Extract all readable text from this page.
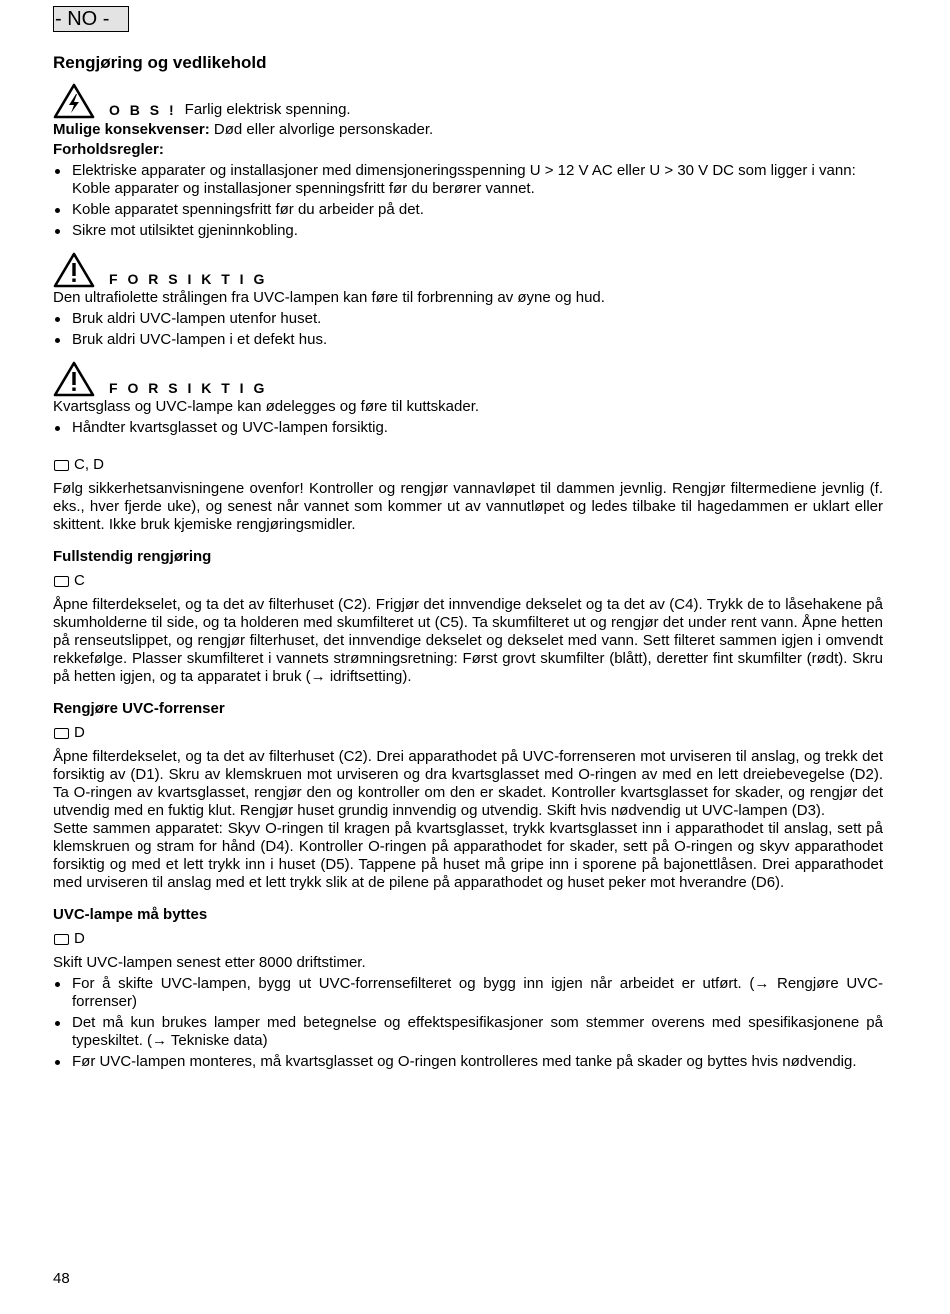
- NO -
Rengjøring og vedlikehold
O B S ! Farlig elektrisk spenning.

Mulige konsekvenser: Død eller alvorlige personskader.

Forholdsregler:

Elektriske apparater og installasjoner med dimensjoneringsspenning U > 12 V AC eller U > 30 V DC som ligger i vann: Koble apparater og installasjoner spenningsfritt før du berører vannet.
Koble apparatet spenningsfritt før du arbeider på det.
Sikre mot utilsiktet gjeninnkobling.
F O R S I K T I G

Den ultrafiolette strålingen fra UVC-lampen kan føre til forbrenning av øyne og hud.

Bruk aldri UVC-lampen utenfor huset.
Bruk aldri UVC-lampen i et defekt hus.
F O R S I K T I G

Kvartsglass og UVC-lampe kan ødelegges og føre til kuttskader.

Håndter kvartsglasset og UVC-lampen forsiktig.
C, D

Følg sikkerhetsanvisningene ovenfor! Kontroller og rengjør vannavløpet til dammen jevnlig. Rengjør filtermediene jevnlig (f. eks., hver fjerde uke), og senest når vannet som kommer ut av vannutløpet og ledes tilbake til hagedammen er uklart eller skittent. Ikke bruk kjemiske rengjøringsmidler.

Fullstendig rengjøring
C

Åpne filterdekselet, og ta det av filterhuset (C2). Frigjør det innvendige dekselet og ta det av (C4). Trykk de to låsehakene på skumholderne til side, og ta holderen med skumfilteret ut (C5). Ta skumfilteret ut og rengjør det under rent vann. Åpne hetten på renseutslippet, og rengjør filterhuset, det innvendige dekselet og dekselet med vann. Sett filteret sammen igjen i omvendt rekkefølge. Plasser skumfilteret i vannets strømningsretning: Først grovt skumfilter (blått), deretter fint skumfilter (rødt). Skru på hetten igjen, og ta apparatet i bruk (→ idriftsetting).

Rengjøre UVC-forrenser
D

Åpne filterdekselet, og ta det av filterhuset (C2). Drei apparathodet på UVC-forrenseren mot urviseren til anslag, og trekk det forsiktig av (D1). Skru av klemskruen mot urviseren og dra kvartsglasset med O-ringen av med en lett dreiebevegelse (D2). Ta O-ringen av kvartsglasset, rengjør den og kontroller om den er skadet. Kontroller kvartsglasset for skader, og rengjør det utvendig med en fuktig klut. Rengjør huset grundig innvendig og utvendig. Skift hvis nødvendig ut UVC-lampen (D3).

Sette sammen apparatet: Skyv O-ringen til kragen på kvartsglasset, trykk kvartsglasset inn i apparathodet til anslag, sett på klemskruen og stram for hånd (D4). Kontroller O-ringen på apparathodet for skader, sett på O-ringen og skyv apparathodet forsiktig og med et lett trykk inn i huset (D5). Tappene på huset må gripe inn i sporene på bajonettlåsen. Drei apparathodet med urviseren til anslag med et lett trykk slik at de pilene på apparathodet og huset peker mot hverandre (D6).

UVC-lampe må byttes
D

Skift UVC-lampen senest etter 8000 driftstimer.

For å skifte UVC-lampen, bygg ut UVC-forrensefilteret og bygg inn igjen når arbeidet er utført. (→ Rengjøre UVC-forrenser)
Det må kun brukes lamper med betegnelse og effektspesifikasjoner som stemmer overens med spesifikasjonene på typeskiltet. (→ Tekniske data)
Før UVC-lampen monteres, må kvartsglasset og O-ringen kontrolleres med tanke på skader og byttes hvis nødvendig.
48
